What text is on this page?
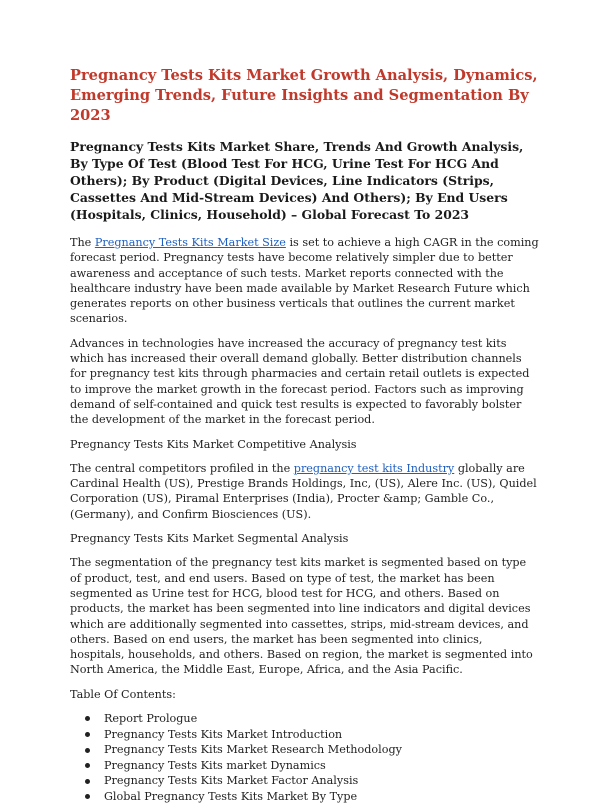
Pregnancy Tests Kits Market Growth Analysis, Dynamics, Emerging Trends, Future Insights and Segmentation By 2023
Pregnancy Tests Kits Market Share, Trends And Growth Analysis, By Type Of Test (Blood Test For HCG, Urine Test For HCG And Others); By Product (Digital Devices, Line Indicators (Strips, Cassettes And Mid-Stream Devices) And Others); By End Users (Hospitals, Clinics, Household) – Global Forecast To 2023

The Pregnancy Tests Kits Market Size is set to achieve a high CAGR in the coming forecast period. Pregnancy tests have become relatively simpler due to better awareness and acceptance of such tests. Market reports connected with the healthcare industry have been made available by Market Research Future which generates reports on other business verticals that outlines the current market scenarios.

Advances in technologies have increased the accuracy of pregnancy test kits which has increased their overall demand globally. Better distribution channels for pregnancy test kits through pharmacies and certain retail outlets is expected to improve the market growth in the forecast period. Factors such as improving demand of self-contained and quick test results is expected to favorably bolster the development of the market in the forecast period.

Pregnancy Tests Kits Market Competitive Analysis

The central competitors profiled in the pregnancy test kits Industry globally are Cardinal Health (US), Prestige Brands Holdings, Inc, (US), Alere Inc. (US), Quidel Corporation (US), Piramal Enterprises (India), Procter &amp; Gamble Co., (Germany), and Confirm Biosciences (US).

Pregnancy Tests Kits Market Segmental Analysis

The segmentation of the pregnancy test kits market is segmented based on type of product, test, and end users. Based on type of test, the market has been segmented as Urine test for HCG, blood test for HCG, and others. Based on products, the market has been segmented into line indicators and digital devices which are additionally segmented into cassettes, strips, mid-stream devices, and others. Based on end users, the market has been segmented into clinics, hospitals, households, and others. Based on region, the market is segmented into North America, the Middle East, Europe, Africa, and the Asia Pacific.

Table Of Contents:

Report Prologue
Pregnancy Tests Kits Market Introduction
Pregnancy Tests Kits Market Research Methodology
Pregnancy Tests Kits market Dynamics
Pregnancy Tests Kits Market Factor Analysis
Global Pregnancy Tests Kits Market By Type
